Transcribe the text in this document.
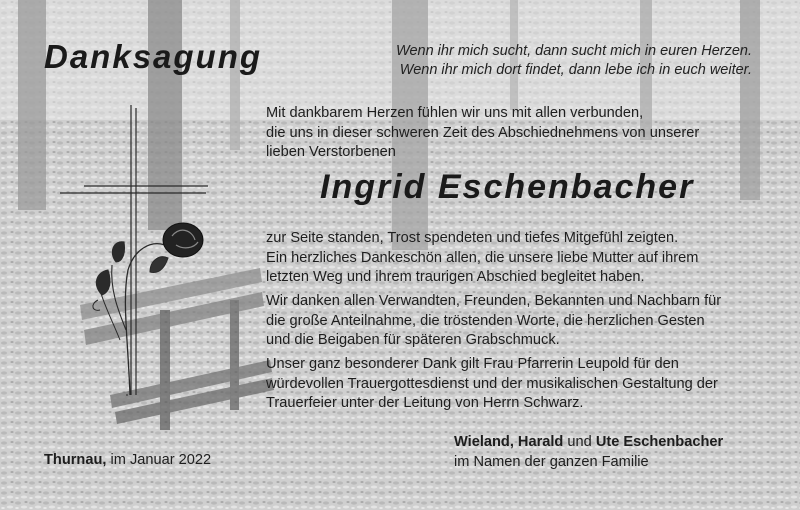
Danksagung	Wenn ihr mich sucht, dann sucht mich in euren Herzen.
Wenn ihr mich dort findet, dann lebe ich in euch weiter.
Mit dankbarem Herzen fühlen wir uns mit allen verbunden,
die uns in dieser schweren Zeit des Abschiednehmens von unserer
lieben Verstorbenen
Ingrid Eschenbacher
zur Seite standen, Trost spendeten und tiefes Mitgefühl zeigten.
Ein herzliches Dankeschön allen, die unsere liebe Mutter auf ihrem
letzten Weg und ihrem traurigen Abschied begleitet haben.
Wir danken allen Verwandten, Freunden, Bekannten und Nachbarn für
die große Anteilnahme, die tröstenden Worte, die herzlichen Gesten
und die Beigaben für späteren Grabschmuck.
Unser ganz besonderer Dank gilt Frau Pfarrerin Leupold für den
würdevollen Trauergottesdienst und der musikalischen Gestaltung der
Trauerfeier unter der Leitung von Herrn Schwarz.
Thurnau, im Januar 2022
Wieland, Harald und Ute Eschenbacher
im Namen der ganzen Familie
